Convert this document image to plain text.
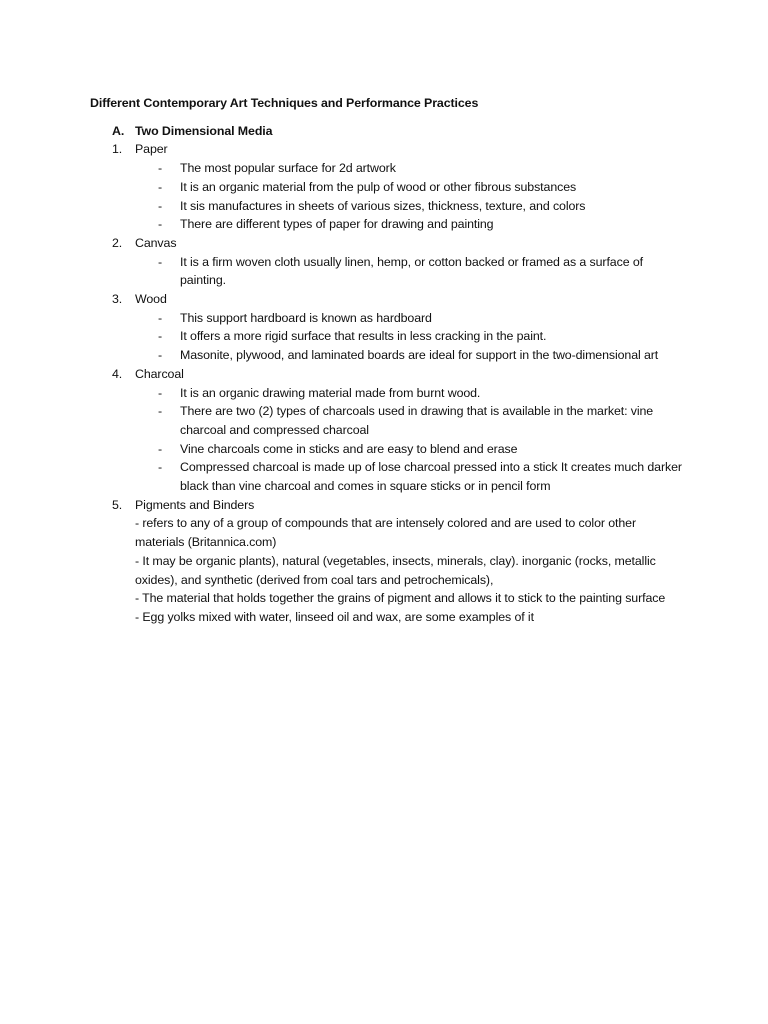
Different Contemporary Art Techniques and Performance Practices

A. Two Dimensional Media

1. Paper

- The most popular surface for 2d artwork
- It is an organic material from the pulp of wood or other fibrous substances
- It sis manufactures in sheets of various sizes, thickness, texture, and colors
- There are different types of paper for drawing and painting

2. Canvas

- It is a firm woven cloth usually linen, hemp, or cotton backed or framed as a surface of painting.

3. Wood

- This support hardboard is known as hardboard
- It offers a more rigid surface that results in less cracking in the paint.
- Masonite, plywood, and laminated boards are ideal for support in the two-dimensional art

4. Charcoal

- It is an organic drawing material made from burnt wood.
- There are two (2) types of charcoals used in drawing that is available in the market: vine charcoal and compressed charcoal
- Vine charcoals come in sticks and are easy to blend and erase
- Compressed charcoal is made up of lose charcoal pressed into a stick It creates much darker black than vine charcoal and comes in square sticks or in pencil form

5. Pigments and Binders

- refers to any of a group of compounds that are intensely colored and are used to color other materials (Britannica.com)

- It may be organic plants), natural (vegetables, insects, minerals, clay). inorganic (rocks, metallic oxides), and synthetic (derived from coal tars and petrochemicals),

- The material that holds together the grains of pigment and allows it to stick to the painting surface

- Egg yolks mixed with water, linseed oil and wax, are some examples of it
